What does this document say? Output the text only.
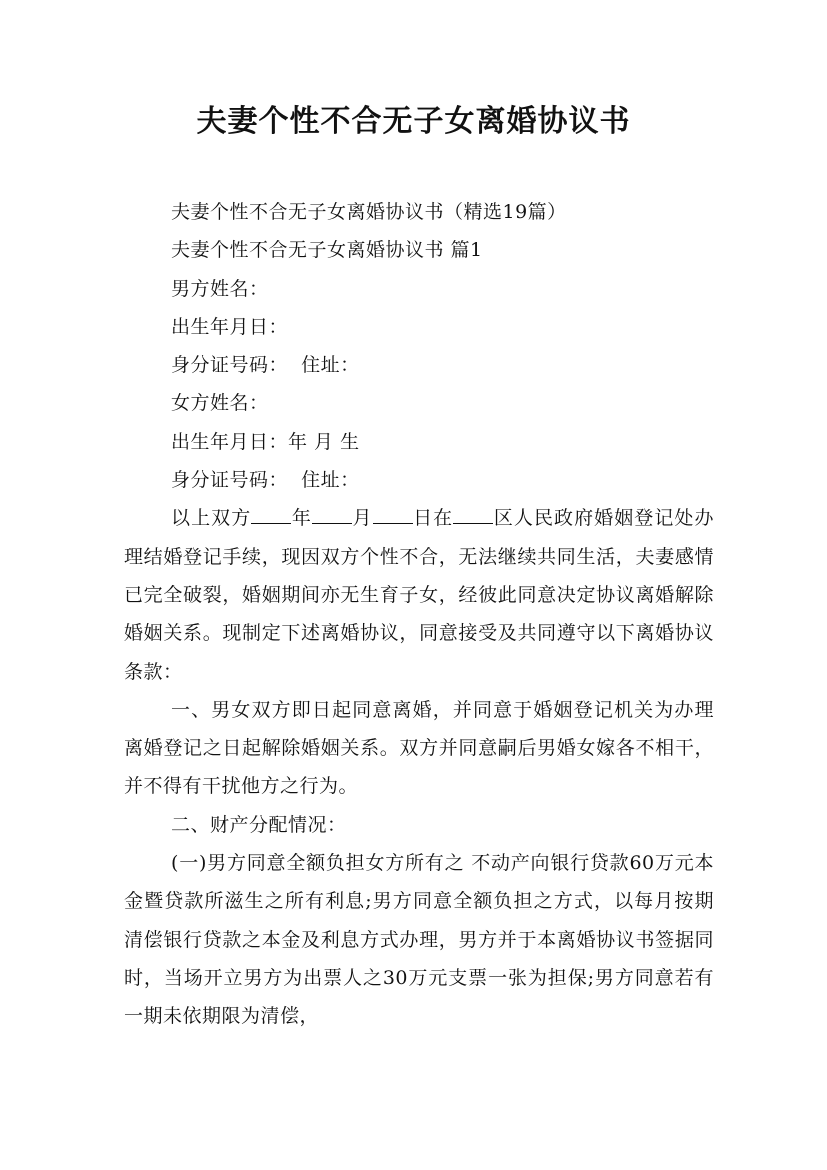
夫妻个性不合无子女离婚协议书

夫妻个性不合无子女离婚协议书（精选19篇）

夫妻个性不合无子女离婚协议书 篇1

男方姓名：

出生年月日：

身分证号码：  住址：

女方姓名：

出生年月日：年 月 生

身分证号码：  住址：

以上双方 年 月 日在 区人民政府婚姻登记处办理结婚登记手续，现因双方个性不合，无法继续共同生活，夫妻感情已完全破裂，婚姻期间亦无生育子女，经彼此同意决定协议离婚解除婚姻关系。现制定下述离婚协议，同意接受及共同遵守以下离婚协议条款：

一、男女双方即日起同意离婚，并同意于婚姻登记机关为办理离婚登记之日起解除婚姻关系。双方并同意嗣后男婚女嫁各不相干，并不得有干扰他方之行为。

二、财产分配情况：

(一)男方同意全额负担女方所有之 不动产向银行贷款60万元本金暨贷款所滋生之所有利息;男方同意全额负担之方式，以每月按期清偿银行贷款之本金及利息方式办理，男方并于本离婚协议书签据同时，当场开立男方为出票人之30万元支票一张为担保;男方同意若有一期未依期限为清偿，
